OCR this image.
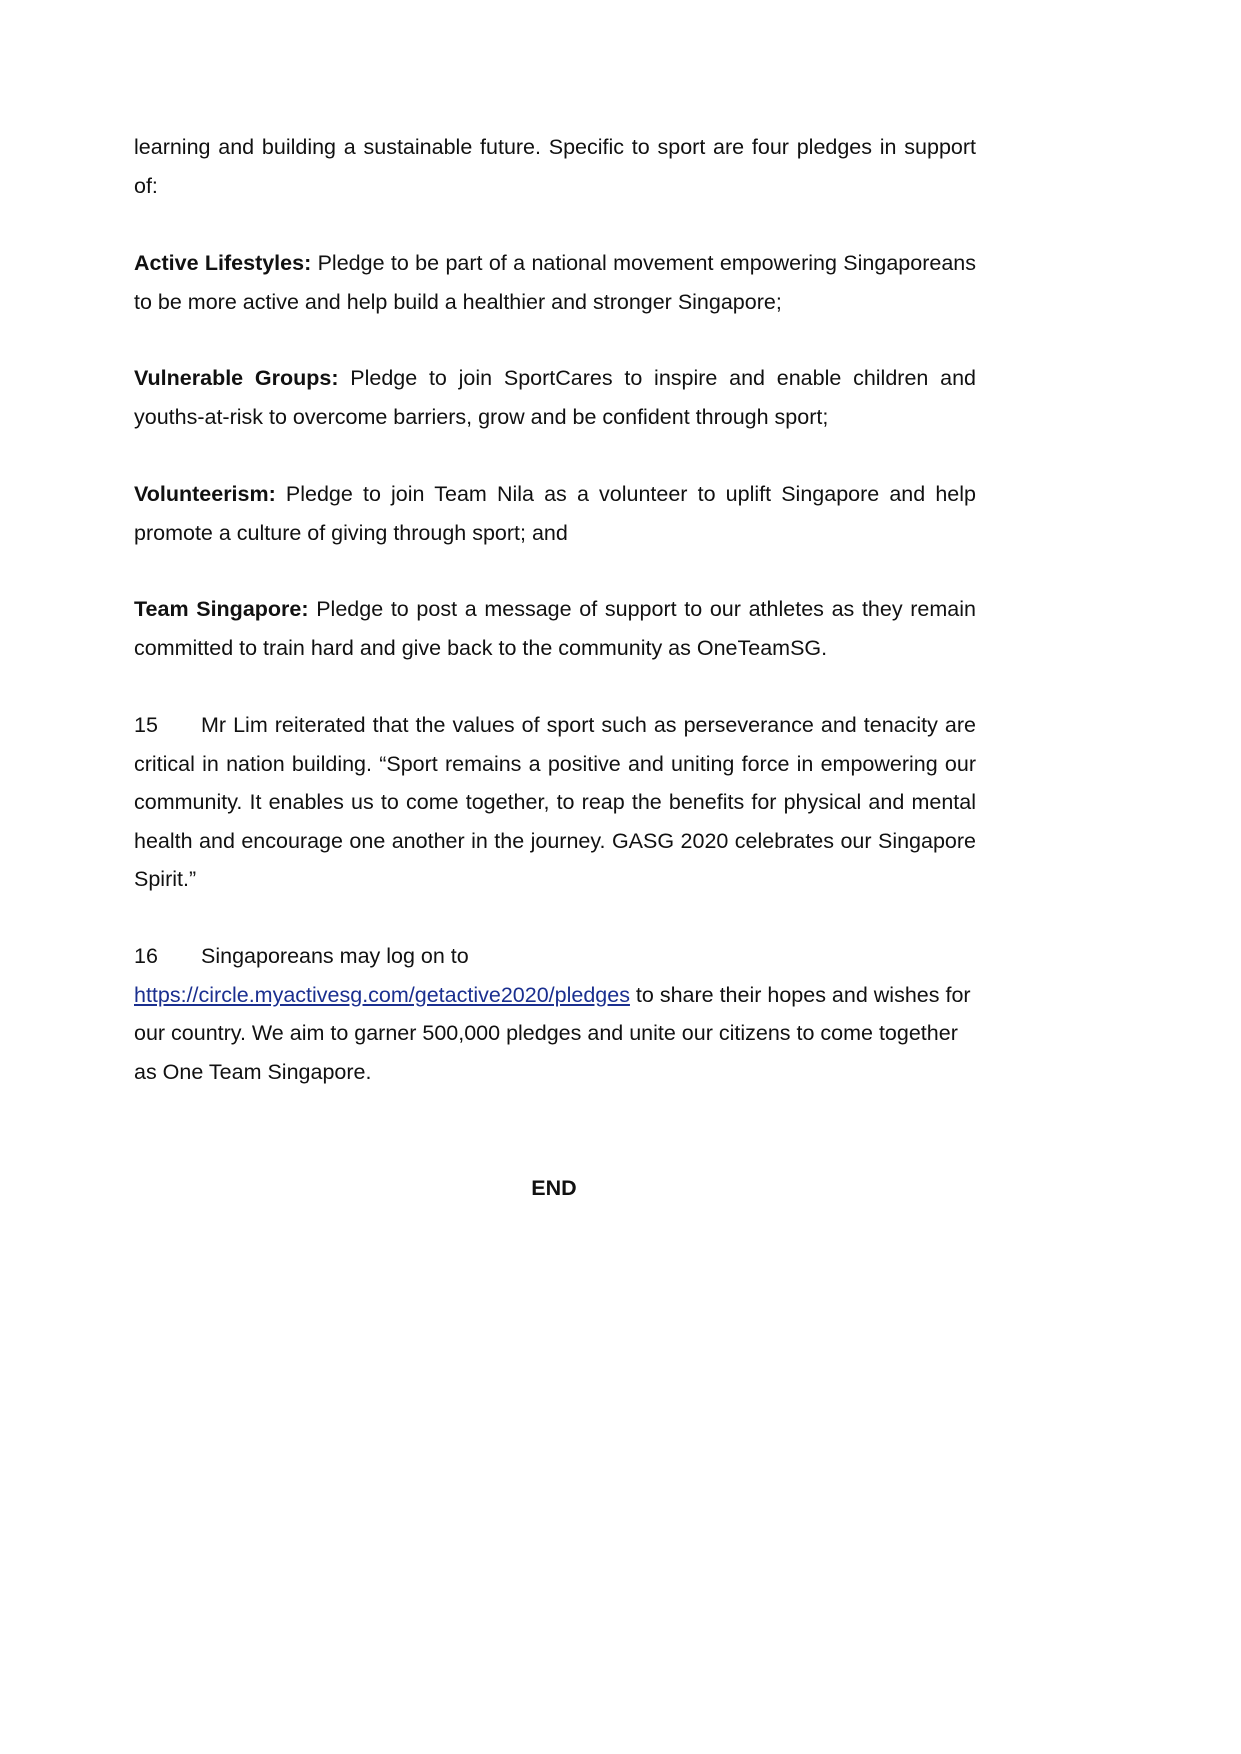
learning and building a sustainable future. Specific to sport are four pledges in support of:

Active Lifestyles: Pledge to be part of a national movement empowering Singaporeans to be more active and help build a healthier and stronger Singapore;

Vulnerable Groups: Pledge to join SportCares to inspire and enable children and youths-at-risk to overcome barriers, grow and be confident through sport;

Volunteerism: Pledge to join Team Nila as a volunteer to uplift Singapore and help promote a culture of giving through sport; and

Team Singapore: Pledge to post a message of support to our athletes as they remain committed to train hard and give back to the community as OneTeamSG.

15 Mr Lim reiterated that the values of sport such as perseverance and tenacity are critical in nation building. “Sport remains a positive and uniting force in empowering our community. It enables us to come together, to reap the benefits for physical and mental health and encourage one another in the journey. GASG 2020 celebrates our Singapore Spirit.”

16 Singaporeans may log on to
https://circle.myactivesg.com/getactive2020/pledges to share their hopes and wishes for our country. We aim to garner 500,000 pledges and unite our citizens to come together as One Team Singapore.

END
